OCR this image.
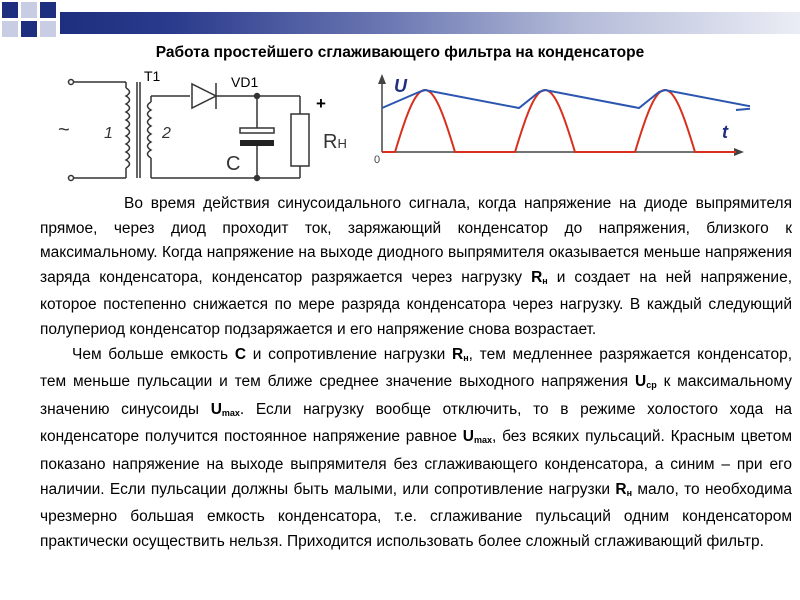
Работа простейшего сглаживающего фильтра на конденсаторе
T1	VD1
C
+
RН
~ 1	2
U
t
0

Во время действия синусоидального сигнала, когда напряжение на диоде выпрямителя прямое, через диод проходит ток, заряжающий конденсатор до напряжения, близкого к максимальному. Когда напряжение на выходе диодного выпрямителя оказывается меньше напряжения заряда конденсатора, конденсатор разряжается через нагрузку $R_н$ и создает на ней напряжение, которое постепенно снижается по мере разряда конденсатора через нагрузку. В каждый следующий полупериод конденсатор подзаряжается и его напряжение снова возрастает.

Чем больше емкость C и сопротивление нагрузки $R_н$, тем медленнее разряжается конденсатор, тем меньше пульсации и тем ближе среднее значение выходного напряжения $U_{ср}$ к максимальному значению синусоиды $U_{max}$. Если нагрузку вообще отключить, то в режиме холостого хода на конденсаторе получится постоянное напряжение равное $U_{max}$, без всяких пульсаций. Красным цветом показано напряжение на выходе выпрямителя без сглаживающего конденсатора, а синим – при его наличии. Если пульсации должны быть малыми, или сопротивление нагрузки $R_н$ мало, то необходима чрезмерно большая емкость конденсатора, т.е. сглаживание пульсаций одним конденсатором практически осуществить нельзя. Приходится использовать более сложный сглаживающий фильтр.
